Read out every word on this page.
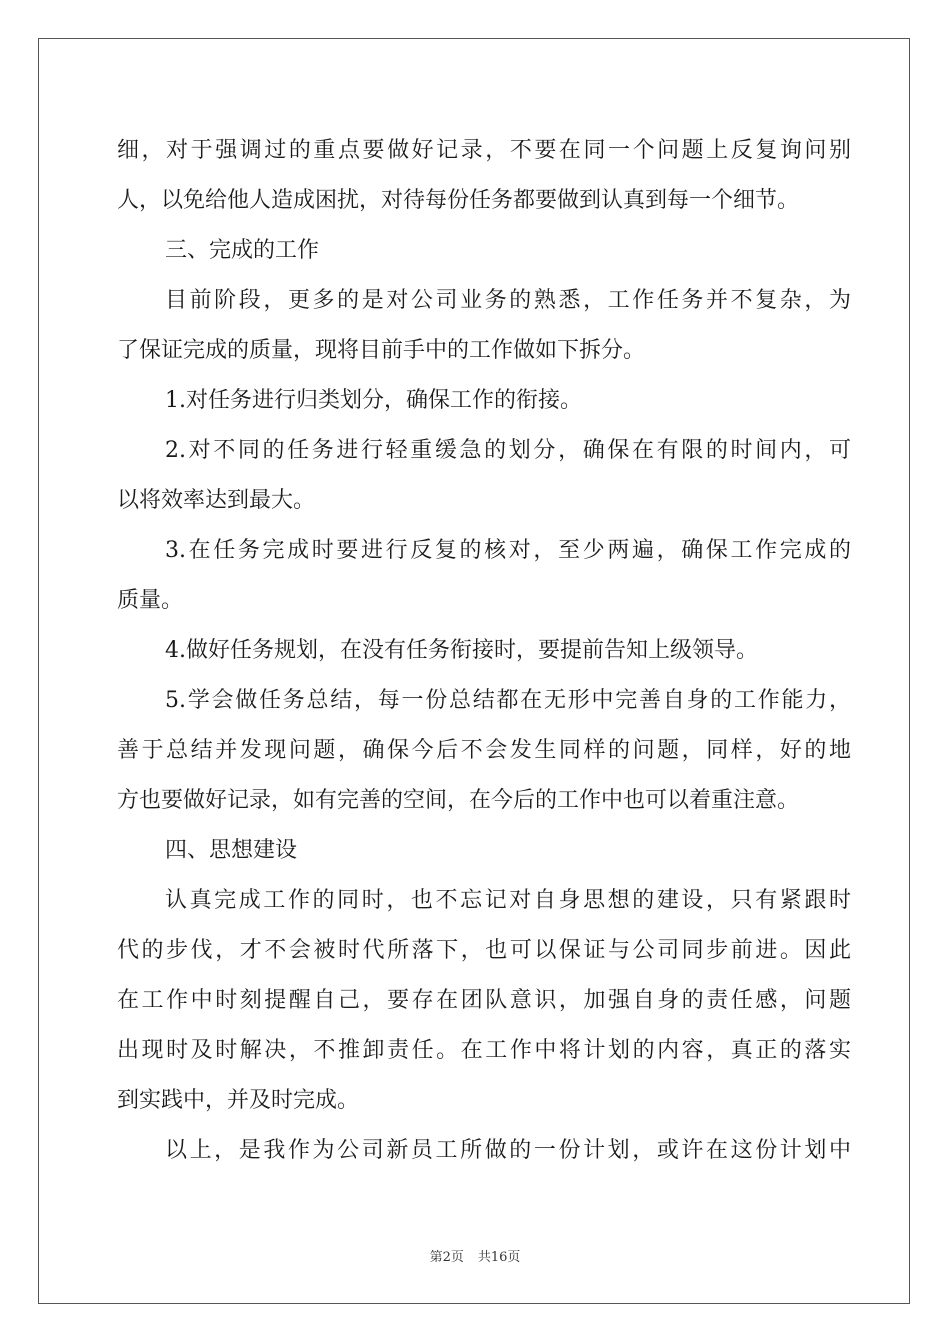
细，对于强调过的重点要做好记录，不要在同一个问题上反复询问别
人，以免给他人造成困扰，对待每份任务都要做到认真到每一个细节。
三、完成的工作
目前阶段，更多的是对公司业务的熟悉，工作任务并不复杂，为
了保证完成的质量，现将目前手中的工作做如下拆分。
1.对任务进行归类划分，确保工作的衔接。
2.对不同的任务进行轻重缓急的划分，确保在有限的时间内，可
以将效率达到最大。
3.在任务完成时要进行反复的核对，至少两遍，确保工作完成的
质量。
4.做好任务规划，在没有任务衔接时，要提前告知上级领导。
5.学会做任务总结，每一份总结都在无形中完善自身的工作能力，
善于总结并发现问题，确保今后不会发生同样的问题，同样，好的地
方也要做好记录，如有完善的空间，在今后的工作中也可以着重注意。
四、思想建设
认真完成工作的同时，也不忘记对自身思想的建设，只有紧跟时
代的步伐，才不会被时代所落下，也可以保证与公司同步前进。因此
在工作中时刻提醒自己，要存在团队意识，加强自身的责任感，问题
出现时及时解决，不推卸责任。在工作中将计划的内容，真正的落实
到实践中，并及时完成。
以上，是我作为公司新员工所做的一份计划，或许在这份计划中
第2页 共16页
